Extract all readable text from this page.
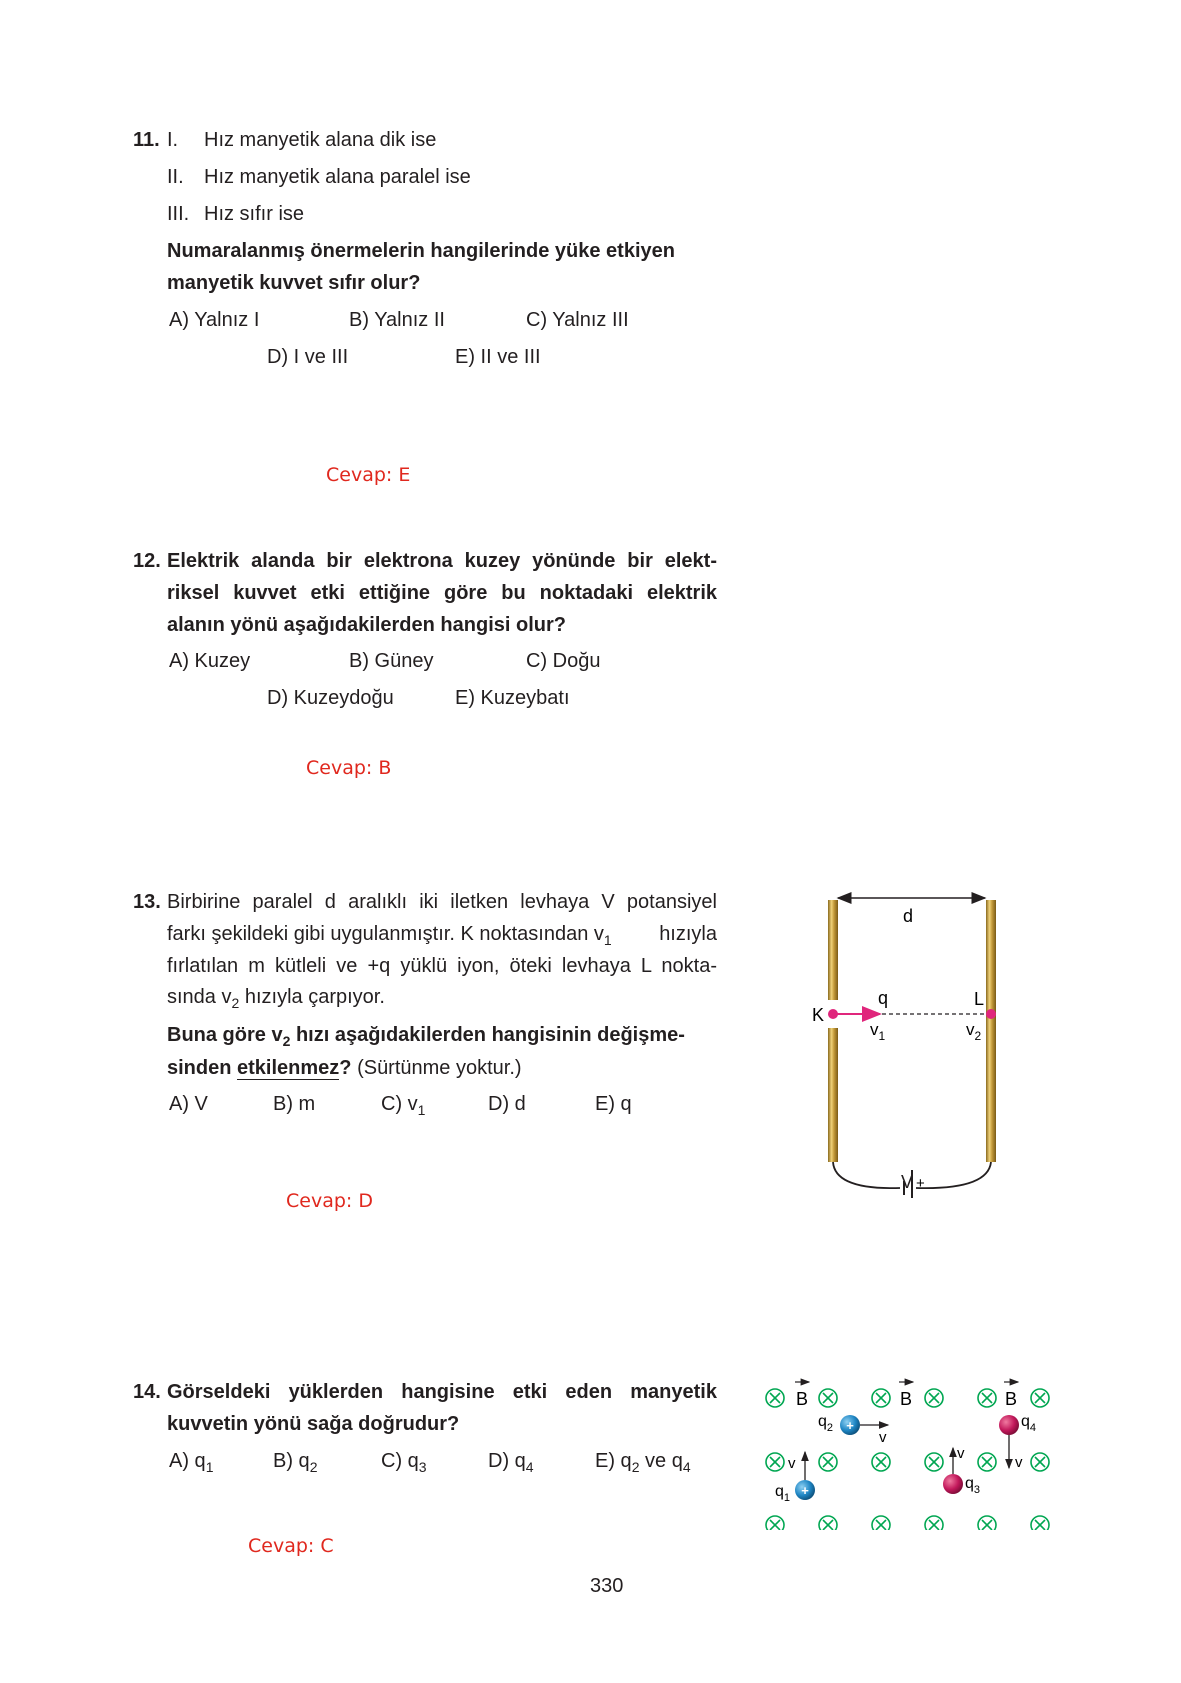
11. I. Hız manyetik alana dik ise
II. Hız manyetik alana paralel ise
III. Hız sıfır ise
Numaralanmış önermelerin hangilerinde yüke etkiyen
manyetik kuvvet sıfır olur?
A) Yalnız I	B) Yalnız II	C) Yalnız III
D) I ve III	E) II ve III
Cevap: E
12. Elektrik alanda bir elektrona kuzey yönünde bir elekt-
riksel kuvvet etki ettiğine göre bu noktadaki elektrik
alanın yönü aşağıdakilerden hangisi olur?
A) Kuzey	B) Güney	C) Doğu
D) Kuzeydoğu	E) Kuzeybatı
Cevap: B
13. Birbirine paralel d aralıklı iki iletken levhaya V potansiyel
farkı şekildeki gibi uygulanmıştır. K noktasından $v_1$ hızıyla
fırlatılan m kütleli ve +q yüklü iyon, öteki levhaya L nokta-
sında $v_2$ hızıyla çarpıyor.
Buna göre $v_2$ hızı aşağıdakilerden hangisinin değişme-
sinden etkilenmez? (Sürtünme yoktur.)
A) V	B) m	C) $v_1$	D) d	E) q
Cevap: D
d
K
q
$v_1$
L
$v_2$
+
V
14. Görseldeki yüklerden hangisine etki eden manyetik
kuvvetin yönü sağa doğrudur?
A) $q_1$	B) $q_2$	C) $q_3$	D) $q_4$	E) $q_2$ ve $q_4$
Cevap: C
B	B	B
+
v
$q_2$
+
v
$q_1$
v
$q_3$
v
$q_4$
330
